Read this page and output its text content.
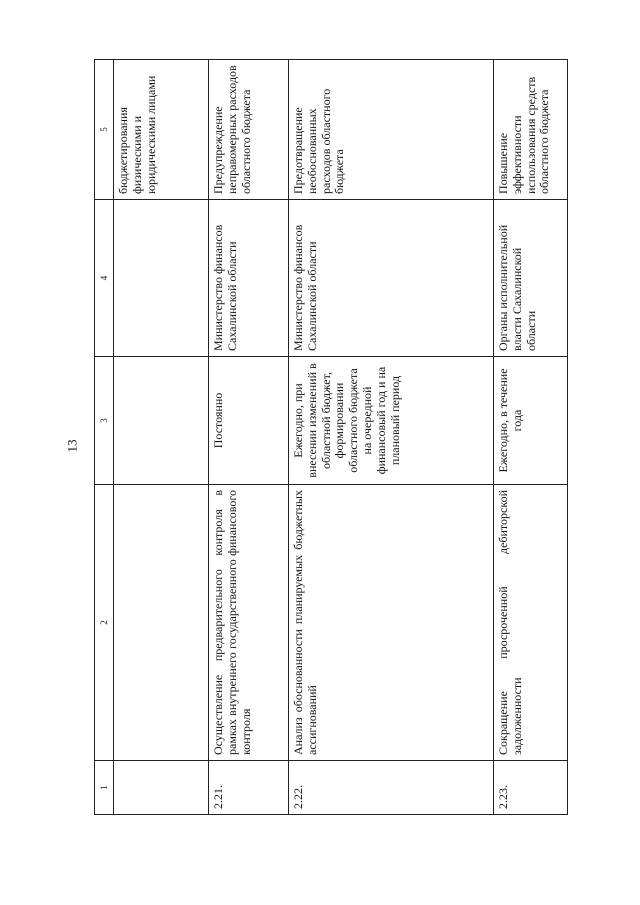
13
1	2	3	4	5
				бюджетирования физическими и юридическими лицами
2.21.	Осуществление предварительного контроля в рамках внутреннего государственного финансового контроля	Постоянно	Министерство финансов Сахалинской области	Предупреждение неправомерных расходов областного бюджета
2.22.	Анализ обоснованности планируемых бюджетных ассигнований	Ежегодно, при внесении изменений в областной бюджет, формировании областного бюджета на очередной финансовый год и на плановый период	Министерство финансов Сахалинской области	Предотвращение необоснованных расходов областного бюджета
2.23.	Сокращение просроченной дебиторской задолженности	Ежегодно, в течение года	Органы исполнительной власти Сахалинской области	Повышение эффективности использования средств областного бюджета
